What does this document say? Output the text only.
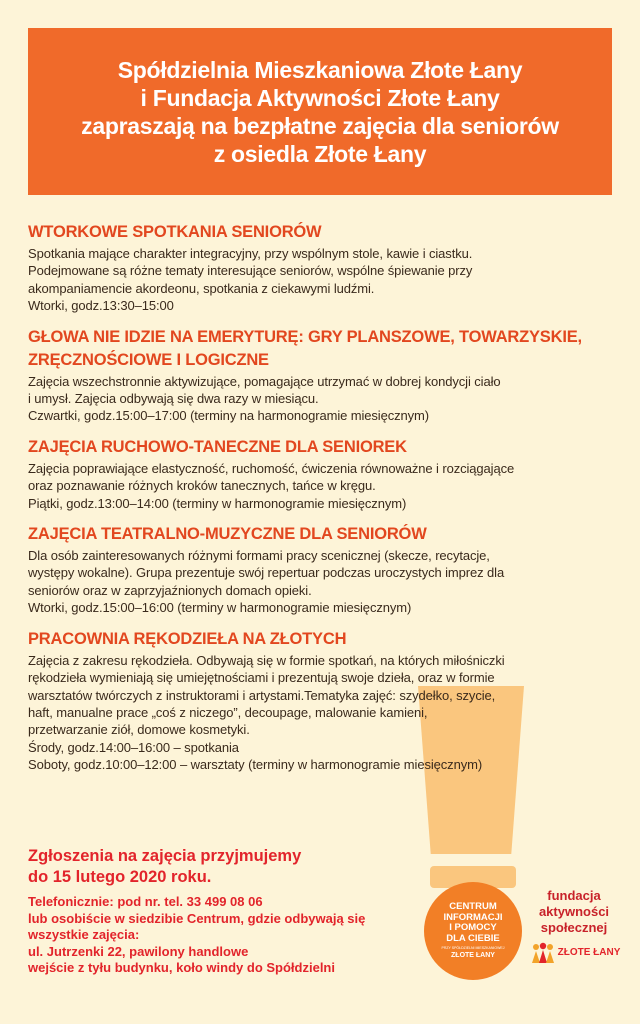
Spółdzielnia Mieszkaniowa Złote Łany
i Fundacja Aktywności Złote Łany
zapraszają na bezpłatne zajęcia dla seniorów
z osiedla Złote Łany
WTORKOWE SPOTKANIA SENIORÓW
Spotkania mające charakter integracyjny, przy wspólnym stole, kawie i ciastku.
Podejmowane są różne tematy interesujące seniorów, wspólne śpiewanie przy
akompaniamencie akordeonu, spotkania z ciekawymi ludźmi.
Wtorki, godz.13:30–15:00
GŁOWA NIE IDZIE NA EMERYTURĘ: GRY PLANSZOWE, TOWARZYSKIE,
ZRĘCZNOŚCIOWE I LOGICZNE
Zajęcia wszechstronnie aktywizujące, pomagające utrzymać w dobrej kondycji ciało
i umysł. Zajęcia odbywają się dwa razy w miesiącu.
Czwartki, godz.15:00–17:00 (terminy na harmonogramie miesięcznym)
ZAJĘCIA RUCHOWO-TANECZNE DLA SENIOREK
Zajęcia poprawiające elastyczność, ruchomość, ćwiczenia równoważne i rozciągające
oraz poznawanie różnych kroków tanecznych, tańce w kręgu.
Piątki, godz.13:00–14:00 (terminy w harmonogramie miesięcznym)
ZAJĘCIA TEATRALNO-MUZYCZNE DLA SENIORÓW
Dla osób zainteresowanych różnymi formami pracy scenicznej (skecze, recytacje,
występy wokalne). Grupa prezentuje swój repertuar podczas uroczystych imprez dla
seniorów oraz w zaprzyjaźnionych domach opieki.
Wtorki, godz.15:00–16:00 (terminy w harmonogramie miesięcznym)
PRACOWNIA RĘKODZIEŁA NA ZŁOTYCH
Zajęcia z zakresu rękodzieła. Odbywają się w formie spotkań, na których miłośniczki
rękodzieła wymieniają się umiejętnościami i prezentują swoje dzieła, oraz w formie
warsztatów twórczych z instruktorami i artystami.Tematyka zajęć: szydełko, szycie,
haft, manualne prace „coś z niczego”, decoupage, malowanie kamieni,
przetwarzanie ziół, domowe kosmetyki.
Środy, godz.14:00–16:00 – spotkania
Soboty, godz.10:00–12:00 – warsztaty (terminy w harmonogramie miesięcznym)
Zgłoszenia na zajęcia przyjmujemy
do 15 lutego 2020 roku.
Telefonicznie: pod nr. tel. 33 499 08 06
lub osobiście w siedzibie Centrum, gdzie odbywają się
wszystkie zajęcia:
ul. Jutrzenki 22, pawilony handlowe
wejście z tyłu budynku, koło windy do Spółdzielni
CENTRUM
INFORMACJI
I POMOCY
DLA CIEBIE
PRZY SPÓŁDZIELNI MIESZKANIOWEJ
ZŁOTE ŁANY
fundacja
aktywności
społecznej
ZŁOTE ŁANY
